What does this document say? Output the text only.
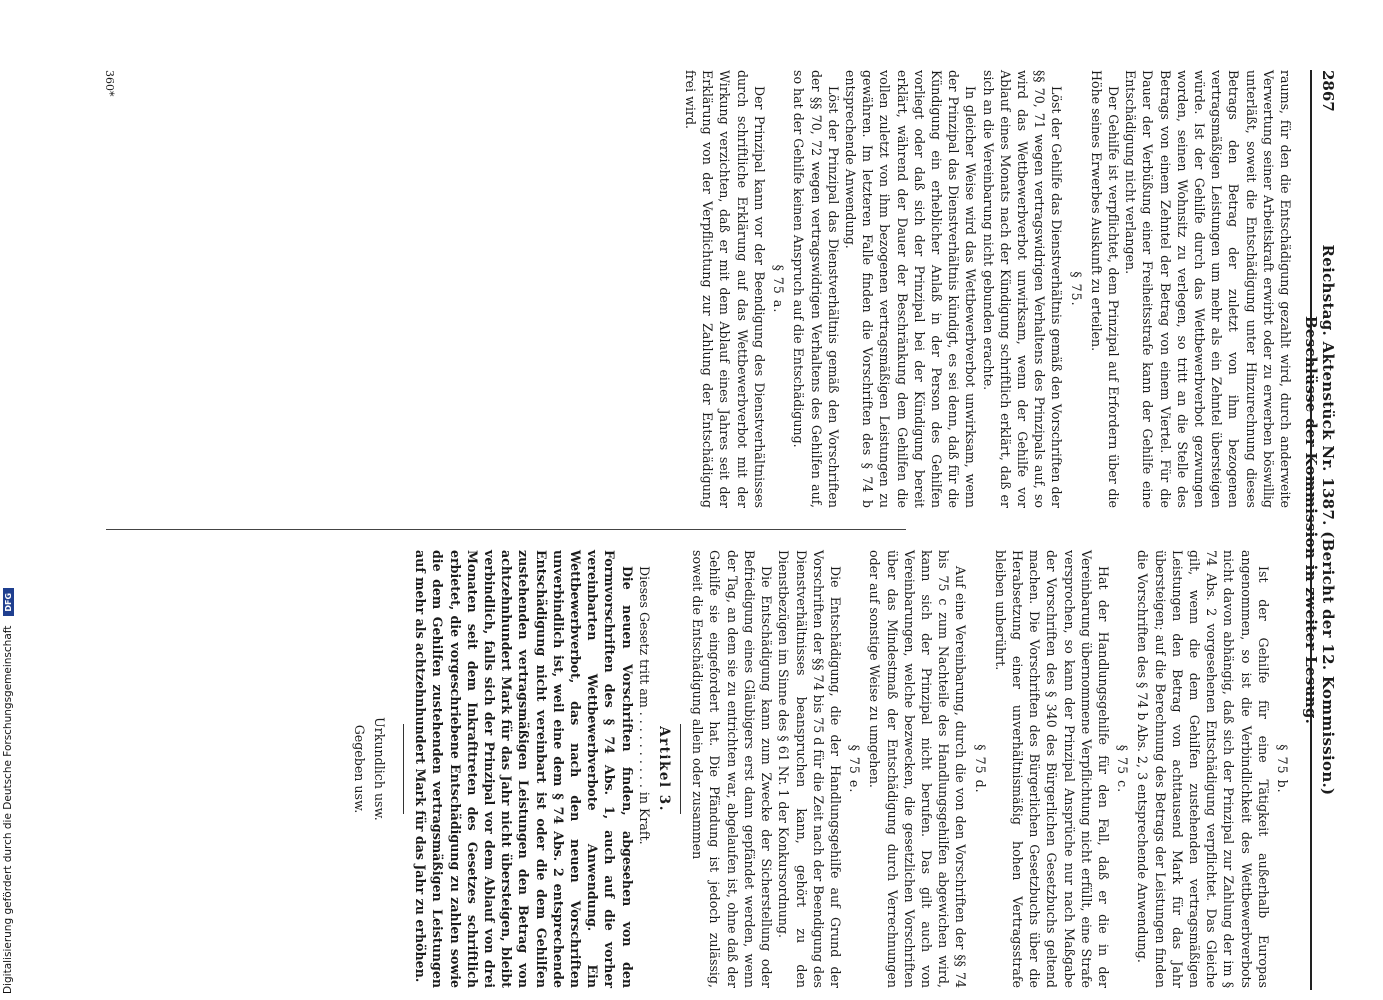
Digitalisierung gefördert durch die Deutsche Forschungsgemeinschaft DFG
2867
Reichstag. Aktenstück Nr. 1387. (Bericht der 12. Kommission.) Beschlüsse der Kommission in zweiter Lesung.

raums, für den die Entschädigung gezahlt wird, durch anderweite Verwertung seiner Arbeitskraft erwirbt oder zu erwerben böswillig unterläßt, soweit die Entschädigung unter Hinzurechnung dieses Betrags den Betrag der zuletzt von ihm bezogenen vertragsmäßigen Leistungen um mehr als ein Zehntel übersteigen würde. Ist der Gehilfe durch das Wettbewerbverbot gezwungen worden, seinen Wohnsitz zu verlegen, so tritt an die Stelle des Betrags von einem Zehntel der Betrag von einem Viertel. Für die Dauer der Verbüßung einer Freiheitsstrafe kann der Gehilfe eine Entschädigung nicht verlangen.

Der Gehilfe ist verpflichtet, dem Prinzipal auf Erfordern über die Höhe seines Erwerbes Auskunft zu erteilen.

§ 75.

Löst der Gehilfe das Dienstverhältnis gemäß den Vorschriften der §§ 70, 71 wegen vertragswidrigen Verhaltens des Prinzipals auf, so wird das Wettbewerbverbot unwirksam, wenn der Gehilfe vor Ablauf eines Monats nach der Kündigung schriftlich erklärt, daß er sich an die Vereinbarung nicht gebunden erachte.

In gleicher Weise wird das Wettbewerbverbot unwirksam, wenn der Prinzipal das Dienstverhältnis kündigt, es sei denn, daß für die Kündigung ein erheblicher Anlaß in der Person des Gehilfen vorliegt oder daß sich der Prinzipal bei der Kündigung bereit erklärt, während der Dauer der Beschränkung dem Gehilfen die vollen zuletzt von ihm bezogenen vertragsmäßigen Leistungen zu gewähren. Im letzteren Falle finden die Vorschriften des § 74 b entsprechende Anwendung.

Löst der Prinzipal das Dienstverhältnis gemäß den Vorschriften der §§ 70, 72 wegen vertragswidrigen Verhaltens des Gehilfen auf, so hat der Gehilfe keinen Anspruch auf die Entschädigung.

§ 75 a.

Der Prinzipal kann vor der Beendigung des Dienstverhältnisses durch schriftliche Erklärung auf das Wettbewerbverbot mit der Wirkung verzichten, daß er mit dem Ablauf eines Jahres seit der Erklärung von der Verpflichtung zur Zahlung der Entschädigung frei wird.

§ 75 b.

Ist der Gehilfe für eine Tätigkeit außerhalb Europas angenommen, so ist die Verbindlichkeit des Wettbewerbverbots nicht davon abhängig, daß sich der Prinzipal zur Zahlung der im § 74 Abs. 2 vorgesehenen Entschädigung verpflichtet. Das Gleiche gilt, wenn die dem Gehilfen zustehenden vertragsmäßigen Leistungen den Betrag von achttausend Mark für das Jahr übersteigen; auf die Berechnung des Betrags der Leistungen finden die Vorschriften des § 74 b Abs. 2, 3 entsprechende Anwendung.

§ 75 c.

Hat der Handlungsgehilfe für den Fall, daß er die in der Vereinbarung übernommene Verpflichtung nicht erfüllt, eine Strafe versprochen, so kann der Prinzipal Ansprüche nur nach Maßgabe der Vorschriften des § 340 des Bürgerlichen Gesetzbuchs geltend machen. Die Vorschriften des Bürgerlichen Gesetzbuchs über die Herabsetzung einer unverhältnismäßig hohen Vertragsstrafe bleiben unberührt.

§ 75 d.

Auf eine Vereinbarung, durch die von den Vorschriften der §§ 74 bis 75 c zum Nachteile des Handlungsgehilfen abgewichen wird, kann sich der Prinzipal nicht berufen. Das gilt auch von Vereinbarungen, welche bezwecken, die gesetzlichen Vorschriften über das Mindestmaß der Entschädigung durch Verrechnungen oder auf sonstige Weise zu umgehen.

§ 75 e.

Die Entschädigung, die der Handlungsgehilfe auf Grund der Vorschriften der §§ 74 bis 75 d für die Zeit nach der Beendigung des Dienstverhältnisses beanspruchen kann, gehört zu den Dienstbezügen im Sinne des § 61 Nr. 1 der Konkursordnung.

Die Entschädigung kann zum Zwecke der Sicherstellung oder Befriedigung eines Gläubigers erst dann gepfändet werden, wenn der Tag, an dem sie zu entrichten war, abgelaufen ist, ohne daß der Gehilfe sie eingefordert hat. Die Pfändung ist jedoch zulässig, soweit die Entschädigung allein oder zusammen

Artikel 3.

Dieses Gesetz tritt am . . . . . . . . . . in Kraft.

Die neuen Vorschriften finden, abgesehen von den Formvorschriften des § 74 Abs. 1, auch auf die vorher vereinbarten Wettbewerbverbote Anwendung. Ein Wettbewerbverbot, das nach den neuen Vorschriften unverbindlich ist, weil eine dem § 74 Abs. 2 entsprechende Entschädigung nicht vereinbart ist oder die dem Gehilfen zustehenden vertragsmäßigen Leistungen den Betrag von achtzehnhundert Mark für das Jahr nicht übersteigen, bleibt verbindlich, falls sich der Prinzipal vor dem Ablauf von drei Monaten seit dem Inkrafttreten des Gesetzes schriftlich erbietet, die vorgeschriebene Entschädigung zu zahlen sowie die dem Gehilfen zustehenden vertragsmäßigen Leistungen auf mehr als achtzehnhundert Mark für das Jahr zu erhöhen.

Urkundlich usw.
Gegeben usw.
360*
